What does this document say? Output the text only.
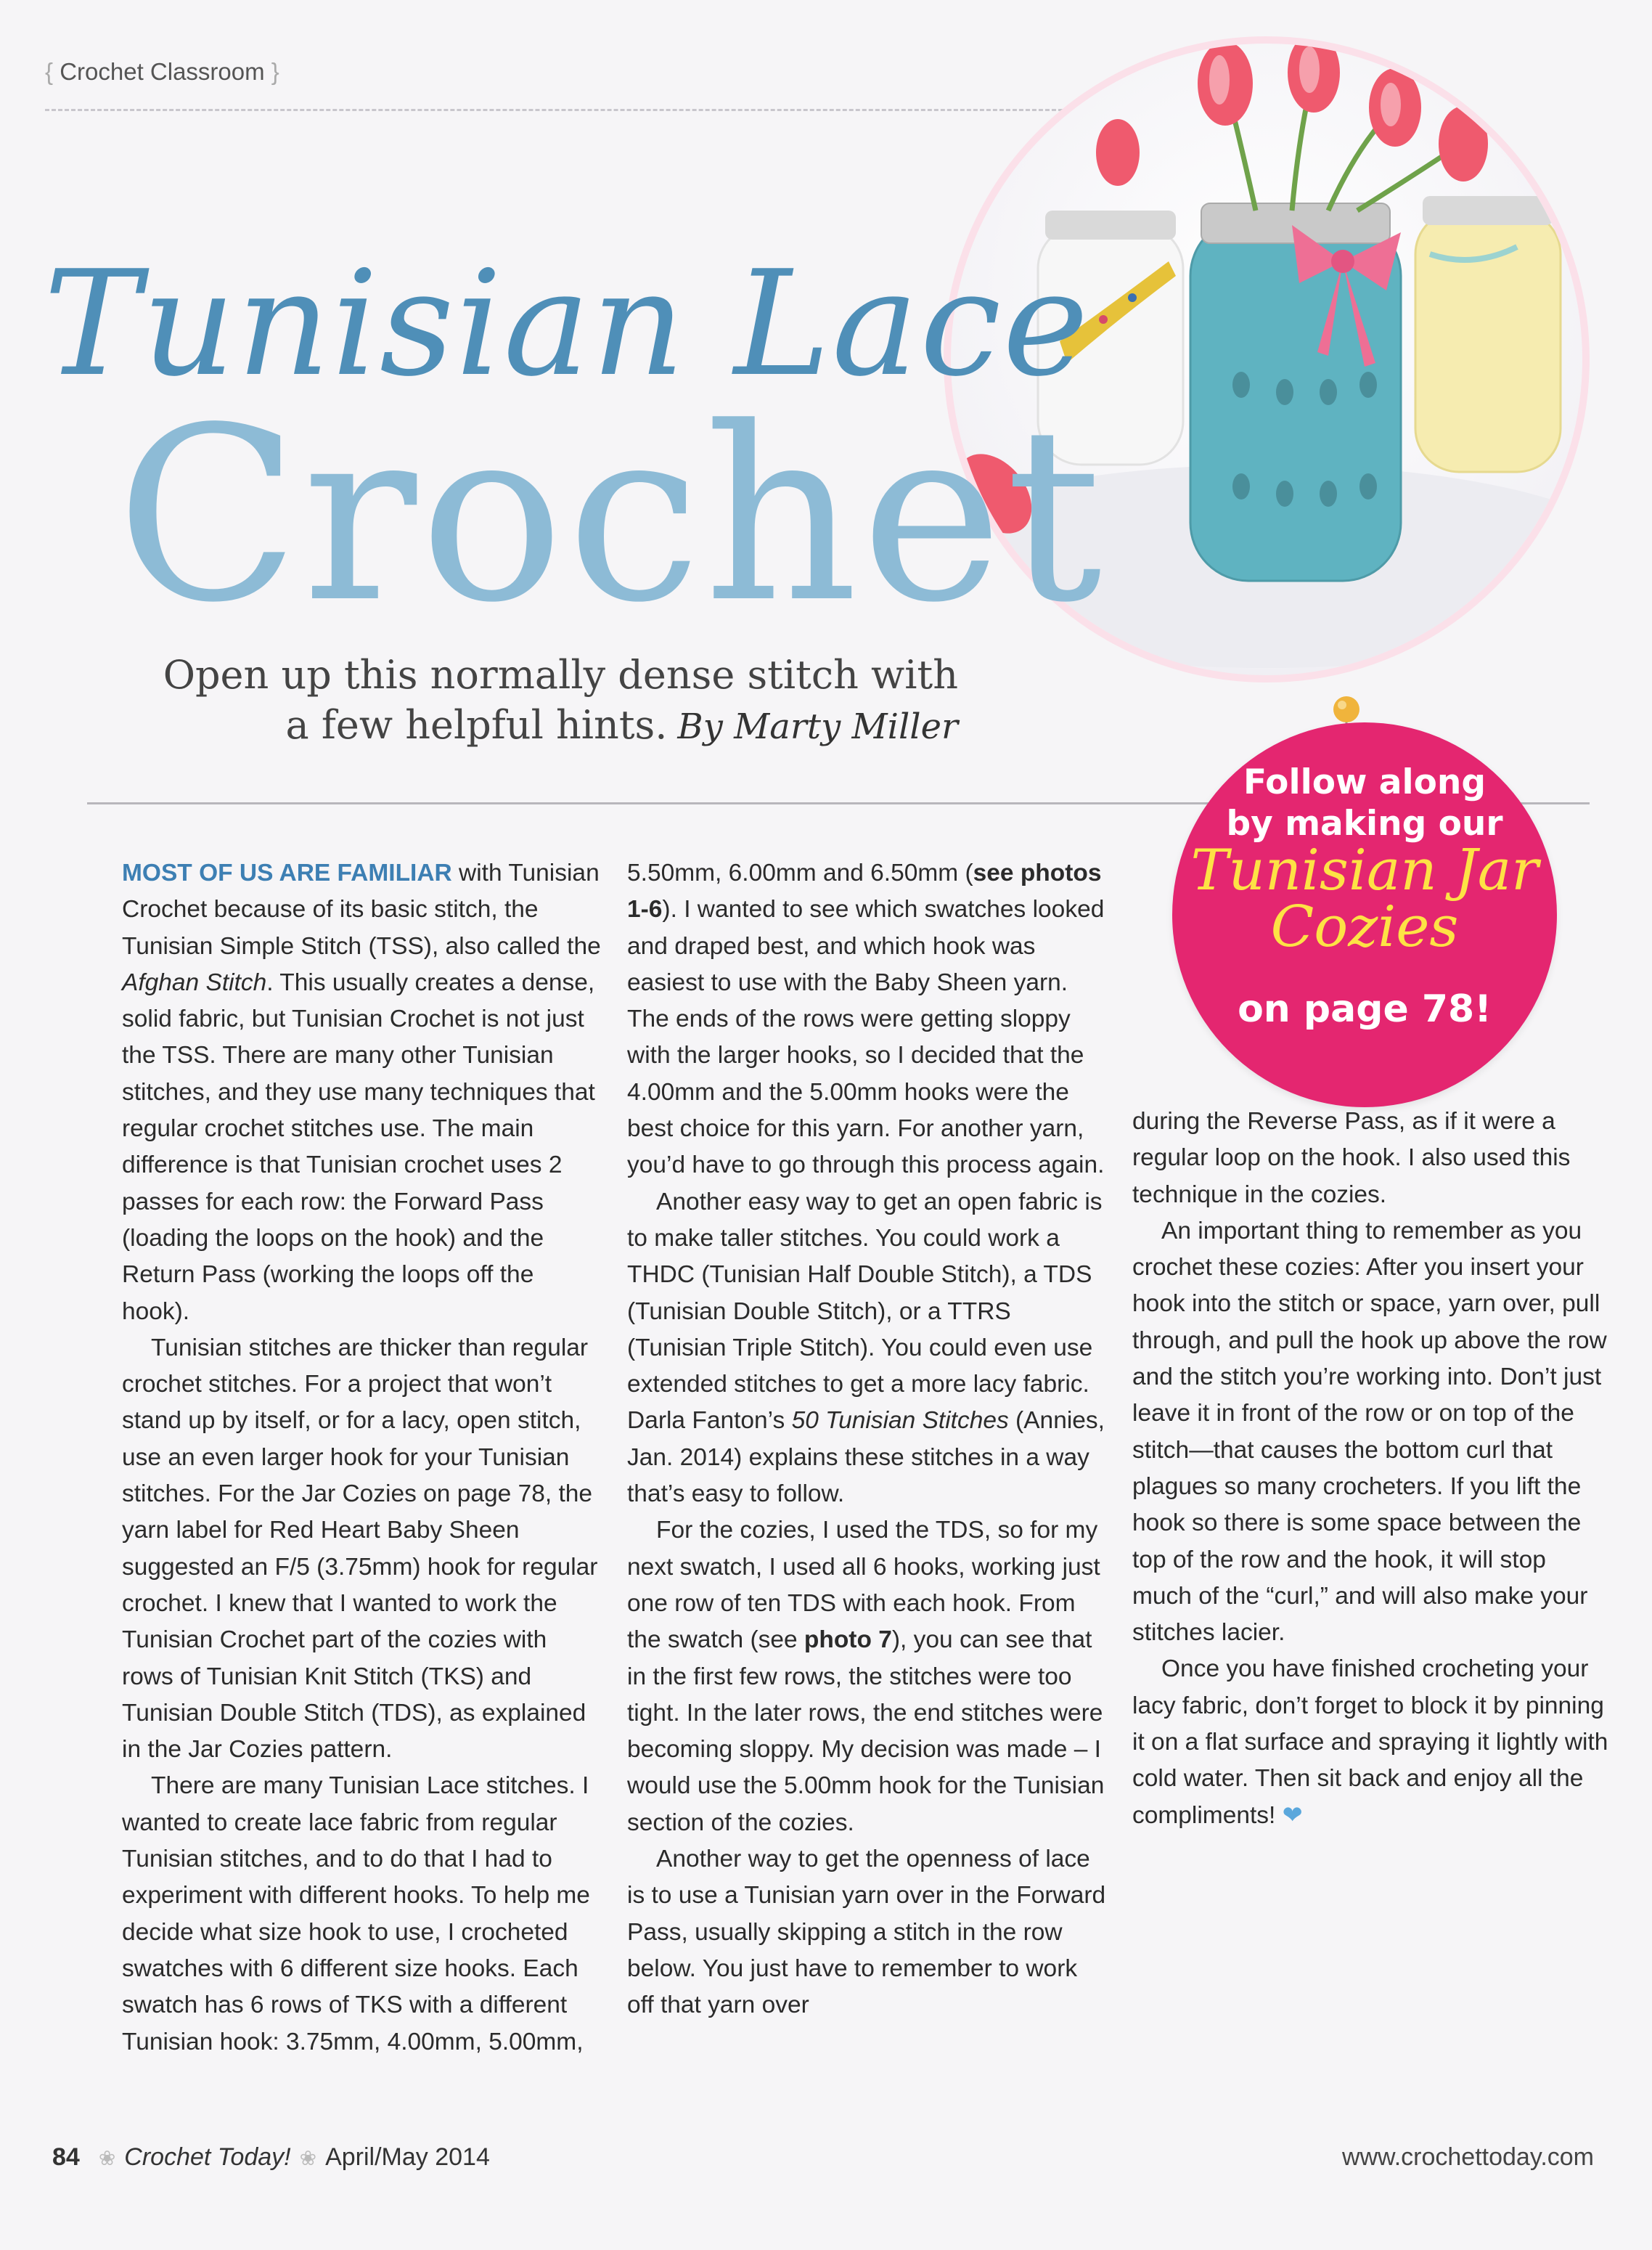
{ Crochet Classroom }
Tunisian Lace
Crochet
Open up this normally dense stitch with
a few helpful hints. By Marty Miller
Follow along
by making our
Tunisian Jar
Cozies
on page 78!

MOST OF US ARE FAMILIAR with Tunisian Crochet because of its basic stitch, the Tunisian Simple Stitch (TSS), also called the Afghan Stitch. This usually creates a dense, solid fabric, but Tunisian Crochet is not just the TSS. There are many other Tunisian stitches, and they use many techniques that regular crochet stitches use. The main difference is that Tunisian crochet uses 2 passes for each row: the Forward Pass (loading the loops on the hook) and the Return Pass (working the loops off the hook).

Tunisian stitches are thicker than regular crochet stitches. For a project that won’t stand up by itself, or for a lacy, open stitch, use an even larger hook for your Tunisian stitches. For the Jar Cozies on page 78, the yarn label for Red Heart Baby Sheen suggested an F/5 (3.75mm) hook for regular crochet. I knew that I wanted to work the Tunisian Crochet part of the cozies with rows of Tunisian Knit Stitch (TKS) and Tunisian Double Stitch (TDS), as explained in the Jar Cozies pattern.

There are many Tunisian Lace stitches. I wanted to create lace fabric from regular Tunisian stitches, and to do that I had to experiment with different hooks. To help me decide what size hook to use, I crocheted swatches with 6 different size hooks. Each swatch has 6 rows of TKS with a different Tunisian hook: 3.75mm, 4.00mm, 5.00mm,

5.50mm, 6.00mm and 6.50mm (see photos 1-6). I wanted to see which swatches looked and draped best, and which hook was easiest to use with the Baby Sheen yarn. The ends of the rows were getting sloppy with the larger hooks, so I decided that the 4.00mm and the 5.00mm hooks were the best choice for this yarn. For another yarn, you’d have to go through this process again.

Another easy way to get an open fabric is to make taller stitches. You could work a THDC (Tunisian Half Double Stitch), a TDS (Tunisian Double Stitch), or a TTRS (Tunisian Triple Stitch). You could even use extended stitches to get a more lacy fabric. Darla Fanton’s 50 Tunisian Stitches (Annies, Jan. 2014) explains these stitches in a way that’s easy to follow.

For the cozies, I used the TDS, so for my next swatch, I used all 6 hooks, working just one row of ten TDS with each hook. From the swatch (see photo 7), you can see that in the first few rows, the stitches were too tight. In the later rows, the end stitches were becoming sloppy. My decision was made – I would use the 5.00mm hook for the Tunisian section of the cozies.

Another way to get the openness of lace is to use a Tunisian yarn over in the Forward Pass, usually skipping a stitch in the row below. You just have to remember to work off that yarn over

during the Reverse Pass, as if it were a regular loop on the hook. I also used this technique in the cozies.

An important thing to remember as you crochet these cozies: After you insert your hook into the stitch or space, yarn over, pull through, and pull the hook up above the row and the stitch you’re working into. Don’t just leave it in front of the row or on top of the stitch—that causes the bottom curl that plagues so many crocheters. If you lift the hook so there is some space between the top of the row and the hook, it will stop much of the “curl,” and will also make your stitches lacier.

Once you have finished crocheting your lacy fabric, don’t forget to block it by pinning it on a flat surface and spraying it lightly with cold water. Then sit back and enjoy all the compliments! ❤

84 ❀ Crochet Today! ❀ April/May 2014	www.crochettoday.com
